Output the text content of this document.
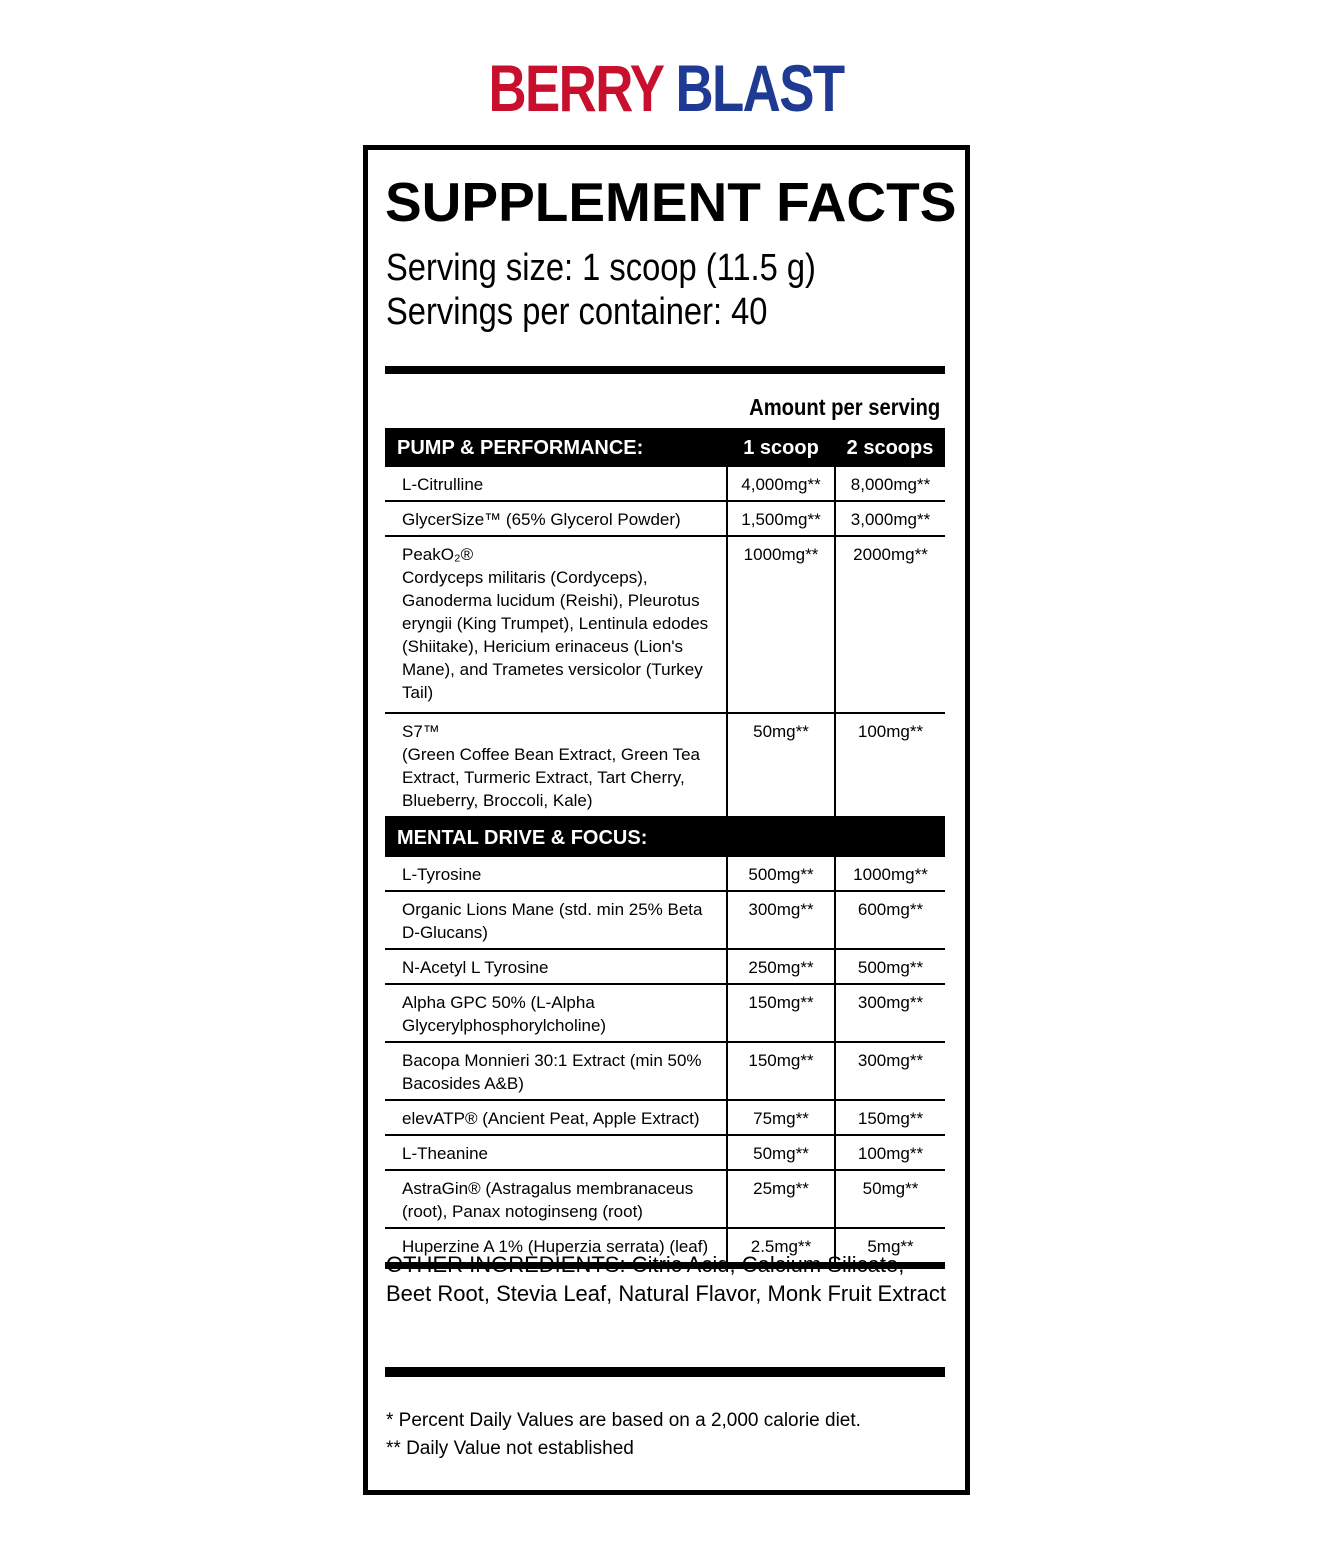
BERRY BLAST
SUPPLEMENT FACTS
Serving size: 1 scoop (11.5 g)
Servings per container: 40
Amount per serving
PUMP & PERFORMANCE:	1 scoop	2 scoops
L-Citrulline	4,000mg**	8,000mg**
GlycerSize™ (65% Glycerol Powder)	1,500mg**	3,000mg**

PeakO₂®
Cordyceps militaris (Cordyceps), Ganoderma lucidum (Reishi), Pleurotus eryngii (King Trumpet), Lentinula edodes (Shiitake), Hericium erinaceus (Lion's Mane), and Trametes versicolor (Turkey Tail)	1000mg**	2000mg**

S7™
(Green Coffee Bean Extract, Green Tea Extract, Turmeric Extract, Tart Cherry, Blueberry, Broccoli, Kale)	50mg**	100mg**
MENTAL DRIVE & FOCUS:		
L-Tyrosine	500mg**	1000mg**
Organic Lions Mane (std. min 25% Beta D-Glucans)	300mg**	600mg**
N-Acetyl L Tyrosine	250mg**	500mg**
Alpha GPC 50% (L-Alpha Glycerylphosphorylcholine)	150mg**	300mg**
Bacopa Monnieri 30:1 Extract (min 50% Bacosides A&B)	150mg**	300mg**
elevATP® (Ancient Peat, Apple Extract)	75mg**	150mg**
L-Theanine	50mg**	100mg**
AstraGin® (Astragalus membranaceus (root), Panax notoginseng (root)	25mg**	50mg**
Huperzine A 1% (Huperzia serrata) (leaf)	2.5mg**	5mg**
OTHER INGREDIENTS: Citric Acid, Calcium Silicate, Beet Root, Stevia Leaf, Natural Flavor, Monk Fruit Extract
* Percent Daily Values are based on a 2,000 calorie diet.
** Daily Value not established
